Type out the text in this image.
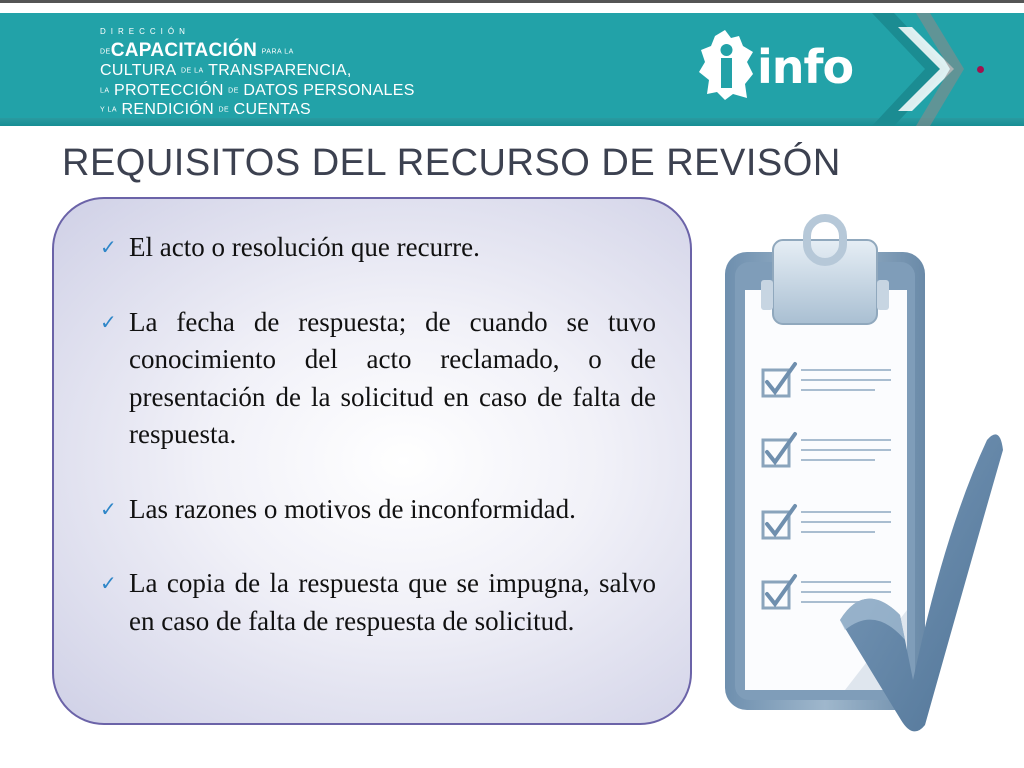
DIRECCIÓN
DECAPACITACIÓN PARA LA
CULTURA DE LA TRANSPARENCIA,
LA PROTECCIÓN DE DATOS PERSONALES
Y LA RENDICIÓN DE CUENTAS
info
REQUISITOS DEL RECURSO DE REVISÓN
✓ El acto o resolución que recurre.
✓ La fecha de respuesta; de cuando se tuvo conocimiento del acto reclamado, o de presentación de la solicitud en caso de falta de respuesta.
✓ Las razones o motivos de inconformidad.
✓ La copia de la respuesta que se impugna, salvo en caso de falta de respuesta de solicitud.
